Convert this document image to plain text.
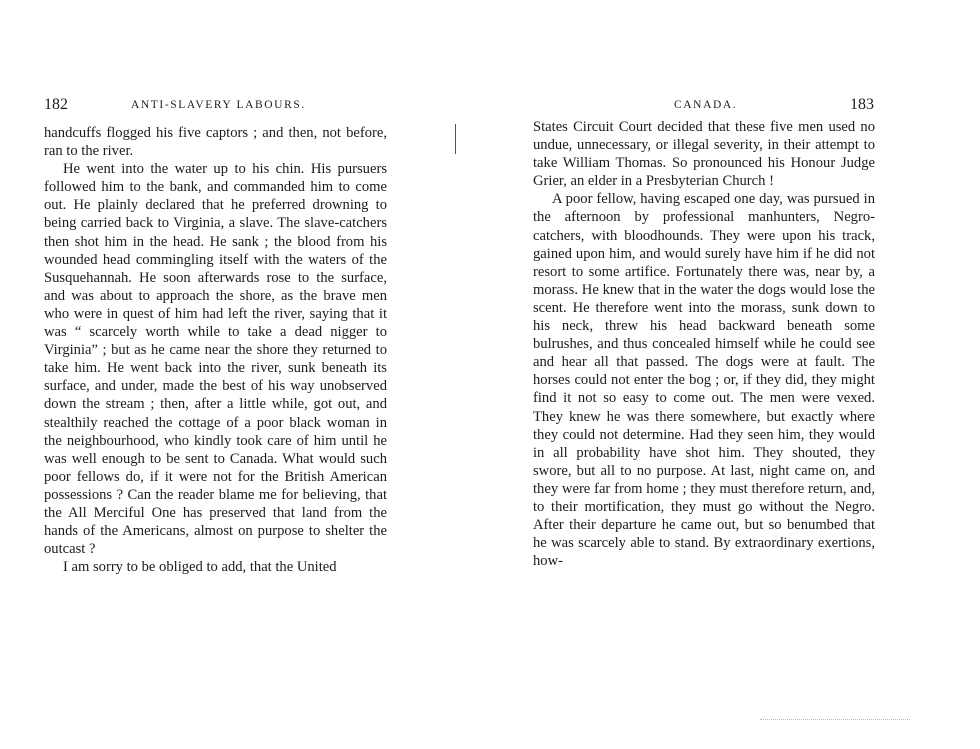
182	ANTI-SLAVERY LABOURS.

handcuffs flogged his five captors ; and then, not before, ran to the river.

He went into the water up to his chin. His pursuers followed him to the bank, and commanded him to come out. He plainly declared that he preferred drowning to being carried back to Virginia, a slave. The slave-catchers then shot him in the head. He sank ; the blood from his wounded head commingling itself with the waters of the Susquehannah. He soon afterwards rose to the surface, and was about to approach the shore, as the brave men who were in quest of him had left the river, saying that it was “ scarcely worth while to take a dead nigger to Virginia” ; but as he came near the shore they returned to take him. He went back into the river, sunk beneath its surface, and under, made the best of his way unobserved down the stream ; then, after a little while, got out, and stealthily reached the cottage of a poor black woman in the neighbourhood, who kindly took care of him until he was well enough to be sent to Canada. What would such poor fellows do, if it were not for the British American possessions ? Can the reader blame me for believing, that the All Merciful One has preserved that land from the hands of the Americans, almost on purpose to shelter the outcast ?

I am sorry to be obliged to add, that the United

CANADA.	183

States Circuit Court decided that these five men used no undue, unnecessary, or illegal severity, in their attempt to take William Thomas. So pronounced his Honour Judge Grier, an elder in a Presbyterian Church !

A poor fellow, having escaped one day, was pursued in the afternoon by professional manhunters, Negro-catchers, with bloodhounds. They were upon his track, gained upon him, and would surely have him if he did not resort to some artifice. Fortunately there was, near by, a morass. He knew that in the water the dogs would lose the scent. He therefore went into the morass, sunk down to his neck, threw his head backward beneath some bulrushes, and thus concealed himself while he could see and hear all that passed. The dogs were at fault. The horses could not enter the bog ; or, if they did, they might find it not so easy to come out. The men were vexed. They knew he was there somewhere, but exactly where they could not determine. Had they seen him, they would in all probability have shot him. They shouted, they swore, but all to no purpose. At last, night came on, and they were far from home ; they must therefore return, and, to their mortification, they must go without the Negro. After their departure he came out, but so benumbed that he was scarcely able to stand. By extraordinary exertions, how-
